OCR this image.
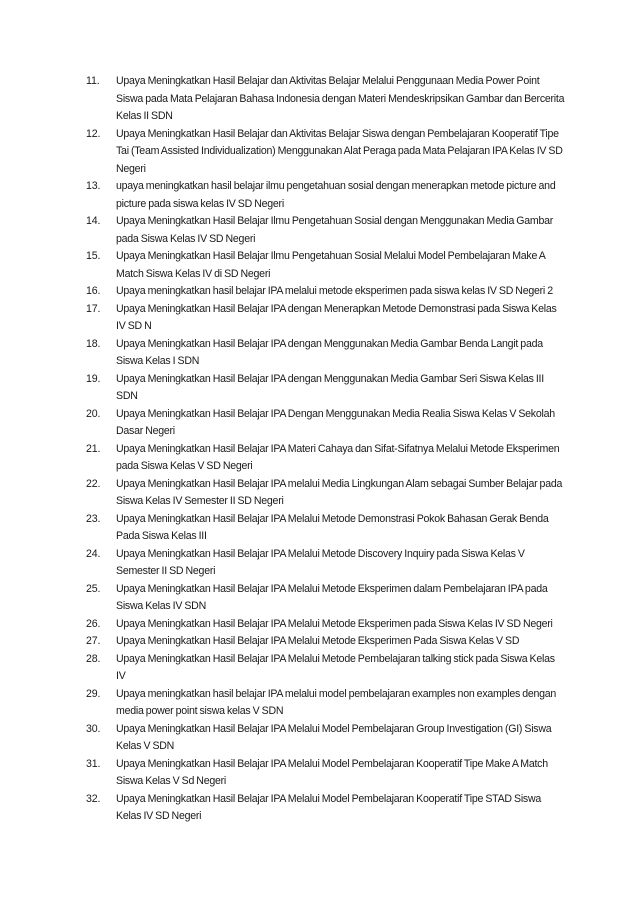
11.	Upaya Meningkatkan Hasil Belajar dan Aktivitas Belajar Melalui Penggunaan Media Power Point Siswa pada Mata Pelajaran Bahasa Indonesia dengan Materi Mendeskripsikan Gambar dan Bercerita Kelas II SDN
12.	Upaya Meningkatkan Hasil Belajar dan Aktivitas Belajar Siswa dengan Pembelajaran Kooperatif Tipe Tai (Team Assisted Individualization) Menggunakan Alat Peraga pada Mata Pelajaran IPA Kelas IV SD Negeri
13.	upaya meningkatkan hasil belajar ilmu pengetahuan sosial dengan menerapkan metode picture and picture pada siswa kelas IV SD Negeri
14.	Upaya Meningkatkan Hasil Belajar Ilmu Pengetahuan Sosial dengan Menggunakan Media Gambar pada Siswa Kelas IV SD Negeri
15.	Upaya Meningkatkan Hasil Belajar Ilmu Pengetahuan Sosial Melalui Model Pembelajaran Make A Match Siswa Kelas IV di SD Negeri
16.	Upaya meningkatkan hasil belajar IPA melalui metode eksperimen pada siswa kelas IV SD Negeri 2
17.	Upaya Meningkatkan Hasil Belajar IPA dengan Menerapkan Metode Demonstrasi pada Siswa Kelas IV SD N
18.	Upaya Meningkatkan Hasil Belajar IPA dengan Menggunakan Media Gambar Benda Langit pada Siswa Kelas I SDN
19.	Upaya Meningkatkan Hasil Belajar IPA dengan Menggunakan Media Gambar Seri Siswa Kelas III SDN
20.	Upaya Meningkatkan Hasil Belajar IPA Dengan Menggunakan Media Realia Siswa Kelas V Sekolah Dasar Negeri
21.	Upaya Meningkatkan Hasil Belajar IPA Materi Cahaya dan Sifat-Sifatnya Melalui Metode Eksperimen pada Siswa Kelas V SD Negeri
22.	Upaya Meningkatkan Hasil Belajar IPA melalui Media Lingkungan Alam sebagai Sumber Belajar pada Siswa Kelas IV Semester II SD Negeri
23.	Upaya Meningkatkan Hasil Belajar IPA Melalui Metode Demonstrasi Pokok Bahasan Gerak Benda Pada Siswa Kelas III
24.	Upaya Meningkatkan Hasil Belajar IPA Melalui Metode Discovery Inquiry pada Siswa Kelas V Semester II SD Negeri
25.	Upaya Meningkatkan Hasil Belajar IPA Melalui Metode Eksperimen dalam Pembelajaran IPA pada Siswa Kelas IV SDN
26.	Upaya Meningkatkan Hasil Belajar IPA Melalui Metode Eksperimen pada Siswa Kelas IV SD Negeri
27.	Upaya Meningkatkan Hasil Belajar IPA Melalui Metode Eksperimen Pada Siswa Kelas V SD
28.	Upaya Meningkatkan Hasil Belajar IPA Melalui Metode Pembelajaran talking stick pada Siswa Kelas IV
29.	Upaya meningkatkan hasil belajar IPA melalui model pembelajaran examples non examples dengan media power point siswa kelas V SDN
30.	Upaya Meningkatkan Hasil Belajar IPA Melalui Model Pembelajaran Group Investigation (GI) Siswa Kelas V SDN
31.	Upaya Meningkatkan Hasil Belajar IPA Melalui Model Pembelajaran Kooperatif Tipe Make A Match Siswa Kelas V Sd Negeri
32.	Upaya Meningkatkan Hasil Belajar IPA Melalui Model Pembelajaran Kooperatif Tipe STAD Siswa Kelas IV SD Negeri
